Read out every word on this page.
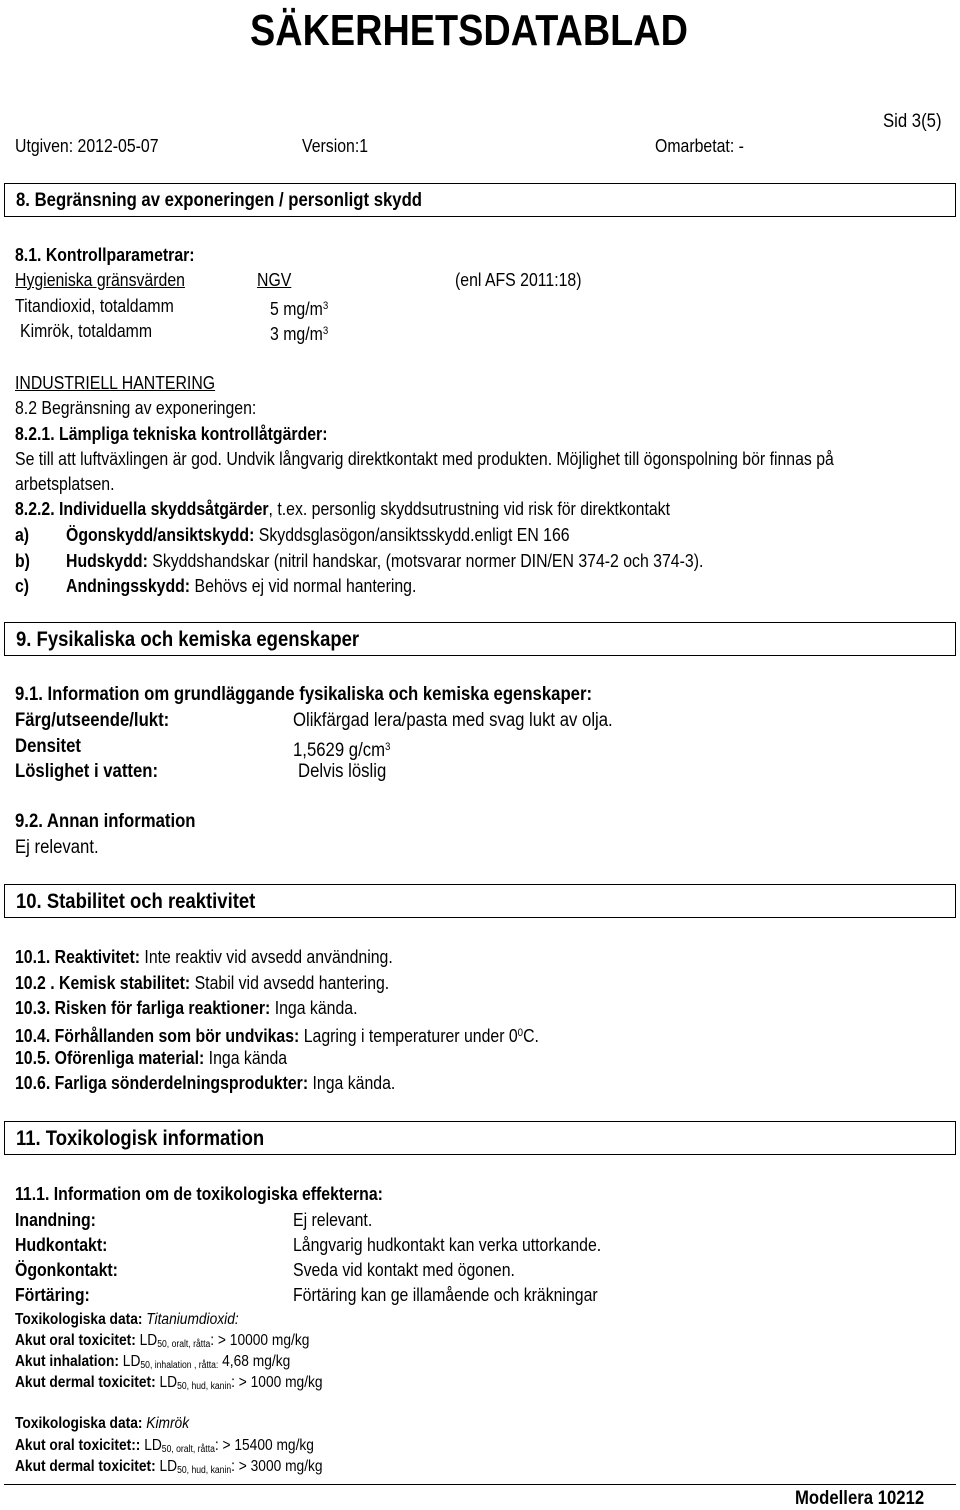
SÄKERHETSDATABLAD
Sid 3(5)
Utgiven: 2012-05-07	Version:1	Omarbetat: -
8. Begränsning av exponeringen / personligt skydd
8.1. Kontrollparametrar:
Hygieniska gränsvärden	NGV	(enl AFS 2011:18)
Titandioxid, totaldamm	5 $mg/m^3$
Kimrök, totaldamm	3 $mg/m^3$
INDUSTRIELL HANTERING
8.2 Begränsning av exponeringen:
8.2.1. Lämpliga tekniska kontrollåtgärder:
Se till att luftväxlingen är god. Undvik långvarig direktkontakt med produkten. Möjlighet till ögonspolning bör finnas på
arbetsplatsen.
8.2.2. Individuella skyddsåtgärder, t.ex. personlig skyddsutrustning vid risk för direktkontakt
a) Ögonskydd/ansiktskydd: Skyddsglasögon/ansiktsskydd.enligt EN 166
b) Hudskydd: Skyddshandskar (nitril handskar, (motsvarar normer DIN/EN 374-2 och 374-3).
c) Andningsskydd: Behövs ej vid normal hantering.
9. Fysikaliska och kemiska egenskaper
9.1. Information om grundläggande fysikaliska och kemiska egenskaper:
Färg/utseende/lukt:	Olikfärgad lera/pasta med svag lukt av olja.
Densitet	1,5629 $g/cm^3$
Löslighet i vatten:	Delvis löslig
9.2. Annan information
Ej relevant.
10. Stabilitet och reaktivitet
10.1. Reaktivitet: Inte reaktiv vid avsedd användning.
10.2 . Kemisk stabilitet: Stabil vid avsedd hantering.
10.3. Risken för farliga reaktioner: Inga kända.
10.4. Förhållanden som bör undvikas: Lagring i temperaturer under $0^0C$.
10.5. Oförenliga material: Inga kända
10.6. Farliga sönderdelningsprodukter: Inga kända.
11. Toxikologisk information
11.1. Information om de toxikologiska effekterna:
Inandning:	Ej relevant.
Hudkontakt:	Långvarig hudkontakt kan verka uttorkande.
Ögonkontakt:	Sveda vid kontakt med ögonen.
Förtäring:	Förtäring kan ge illamående och kräkningar
Toxikologiska data: Titaniumdioxid:
Akut oral toxicitet: $LD_{50, oralt, råtta}$: > 10000 mg/kg
Akut inhalation: $LD_{50, inhalation , råtta:}$ 4,68 mg/kg
Akut dermal toxicitet: $LD_{50, hud, kanin}$: > 1000 mg/kg
Toxikologiska data: Kimrök
Akut oral toxicitet:: $LD_{50, oralt, råtta}$: > 15400 mg/kg
Akut dermal toxicitet: $LD_{50, hud, kanin}$: > 3000 mg/kg
Modellera 10212
